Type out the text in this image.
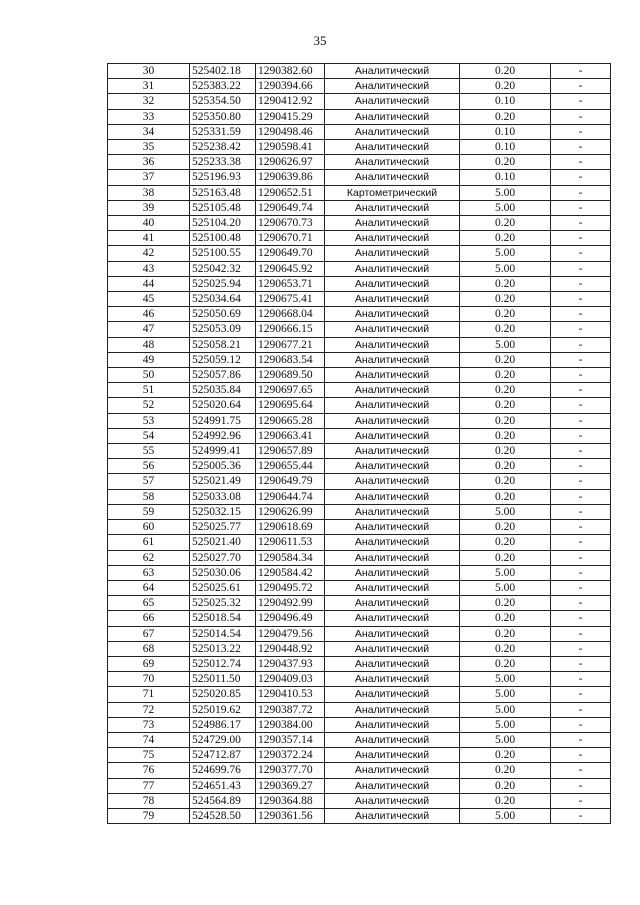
35
30	525402.18	1290382.60	Аналитический	0.20	-
31	525383.22	1290394.66	Аналитический	0.20	-
32	525354.50	1290412.92	Аналитический	0.10	-
33	525350.80	1290415.29	Аналитический	0.20	-
34	525331.59	1290498.46	Аналитический	0.10	-
35	525238.42	1290598.41	Аналитический	0.10	-
36	525233.38	1290626.97	Аналитический	0.20	-
37	525196.93	1290639.86	Аналитический	0.10	-
38	525163.48	1290652.51	Картометрический	5.00	-
39	525105.48	1290649.74	Аналитический	5.00	-
40	525104.20	1290670.73	Аналитический	0.20	-
41	525100.48	1290670.71	Аналитический	0.20	-
42	525100.55	1290649.70	Аналитический	5.00	-
43	525042.32	1290645.92	Аналитический	5.00	-
44	525025.94	1290653.71	Аналитический	0.20	-
45	525034.64	1290675.41	Аналитический	0.20	-
46	525050.69	1290668.04	Аналитический	0.20	-
47	525053.09	1290666.15	Аналитический	0.20	-
48	525058.21	1290677.21	Аналитический	5.00	-
49	525059.12	1290683.54	Аналитический	0.20	-
50	525057.86	1290689.50	Аналитический	0.20	-
51	525035.84	1290697.65	Аналитический	0.20	-
52	525020.64	1290695.64	Аналитический	0.20	-
53	524991.75	1290665.28	Аналитический	0.20	-
54	524992.96	1290663.41	Аналитический	0.20	-
55	524999.41	1290657.89	Аналитический	0.20	-
56	525005.36	1290655.44	Аналитический	0.20	-
57	525021.49	1290649.79	Аналитический	0.20	-
58	525033.08	1290644.74	Аналитический	0.20	-
59	525032.15	1290626.99	Аналитический	5.00	-
60	525025.77	1290618.69	Аналитический	0.20	-
61	525021.40	1290611.53	Аналитический	0.20	-
62	525027.70	1290584.34	Аналитический	0.20	-
63	525030.06	1290584.42	Аналитический	5.00	-
64	525025.61	1290495.72	Аналитический	5.00	-
65	525025.32	1290492.99	Аналитический	0.20	-
66	525018.54	1290496.49	Аналитический	0.20	-
67	525014.54	1290479.56	Аналитический	0.20	-
68	525013.22	1290448.92	Аналитический	0.20	-
69	525012.74	1290437.93	Аналитический	0.20	-
70	525011.50	1290409.03	Аналитический	5.00	-
71	525020.85	1290410.53	Аналитический	5.00	-
72	525019.62	1290387.72	Аналитический	5.00	-
73	524986.17	1290384.00	Аналитический	5.00	-
74	524729.00	1290357.14	Аналитический	5.00	-
75	524712.87	1290372.24	Аналитический	0.20	-
76	524699.76	1290377.70	Аналитический	0.20	-
77	524651.43	1290369.27	Аналитический	0.20	-
78	524564.89	1290364.88	Аналитический	0.20	-
79	524528.50	1290361.56	Аналитический	5.00	-
